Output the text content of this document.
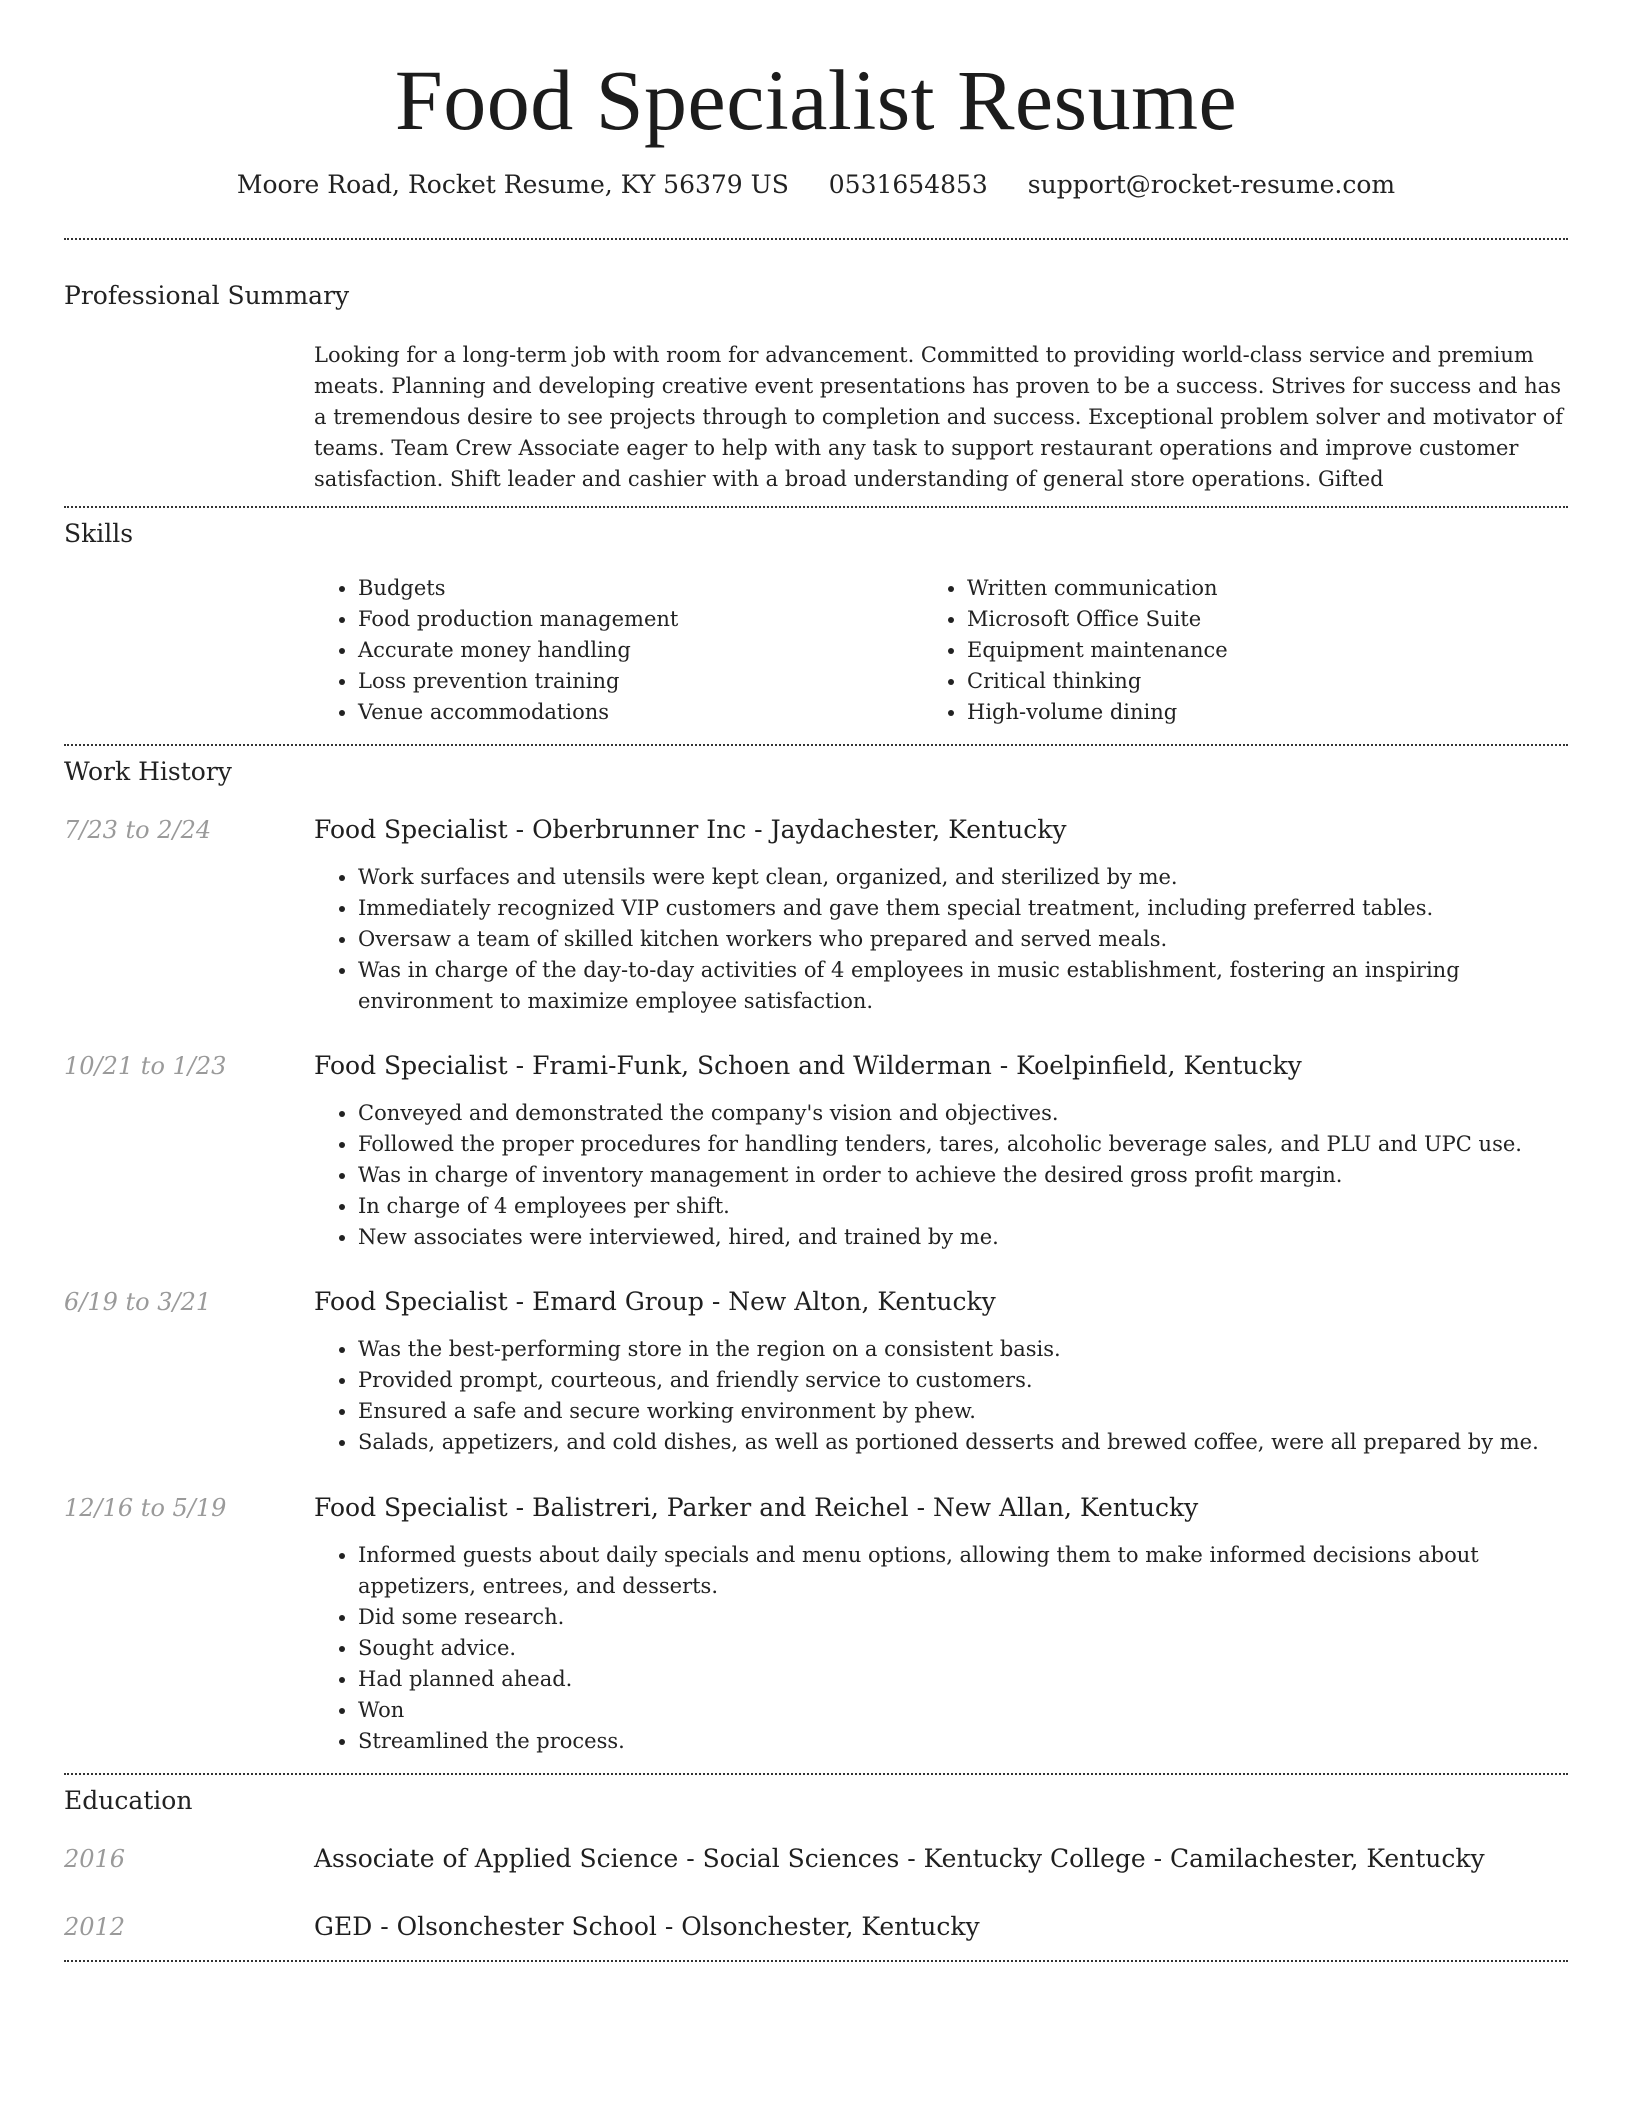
Food Specialist Resume
Moore Road, Rocket Resume, KY 56379 US 0531654853 support@rocket-resume.com
Professional Summary

Looking for a long-term job with room for advancement. Committed to providing world-class service and premium meats. Planning and developing creative event presentations has proven to be a success. Strives for success and has a tremendous desire to see projects through to completion and success. Exceptional problem solver and motivator of teams. Team Crew Associate eager to help with any task to support restaurant operations and improve customer satisfaction. Shift leader and cashier with a broad understanding of general store operations. Gifted

Skills
• Budgets
• Food production management
• Accurate money handling
• Loss prevention training
• Venue accommodations
• Written communication
• Microsoft Office Suite
• Equipment maintenance
• Critical thinking
• High-volume dining
Work History
7/23 to 2/24	Food Specialist - Oberbrunner Inc - Jaydachester, Kentucky
• Work surfaces and utensils were kept clean, organized, and sterilized by me.
• Immediately recognized VIP customers and gave them special treatment, including preferred tables.
• Oversaw a team of skilled kitchen workers who prepared and served meals.
• Was in charge of the day-to-day activities of 4 employees in music establishment, fostering an inspiring environment to maximize employee satisfaction.
10/21 to 1/23	Food Specialist - Frami-Funk, Schoen and Wilderman - Koelpinfield, Kentucky
• Conveyed and demonstrated the company's vision and objectives.
• Followed the proper procedures for handling tenders, tares, alcoholic beverage sales, and PLU and UPC use.
• Was in charge of inventory management in order to achieve the desired gross profit margin.
• In charge of 4 employees per shift.
• New associates were interviewed, hired, and trained by me.
6/19 to 3/21	Food Specialist - Emard Group - New Alton, Kentucky
• Was the best-performing store in the region on a consistent basis.
• Provided prompt, courteous, and friendly service to customers.
• Ensured a safe and secure working environment by phew.
• Salads, appetizers, and cold dishes, as well as portioned desserts and brewed coffee, were all prepared by me.
12/16 to 5/19	Food Specialist - Balistreri, Parker and Reichel - New Allan, Kentucky
• Informed guests about daily specials and menu options, allowing them to make informed decisions about appetizers, entrees, and desserts.
• Did some research.
• Sought advice.
• Had planned ahead.
• Won
• Streamlined the process.
Education
2016	Associate of Applied Science - Social Sciences - Kentucky College - Camilachester, Kentucky
2012	GED - Olsonchester School - Olsonchester, Kentucky
